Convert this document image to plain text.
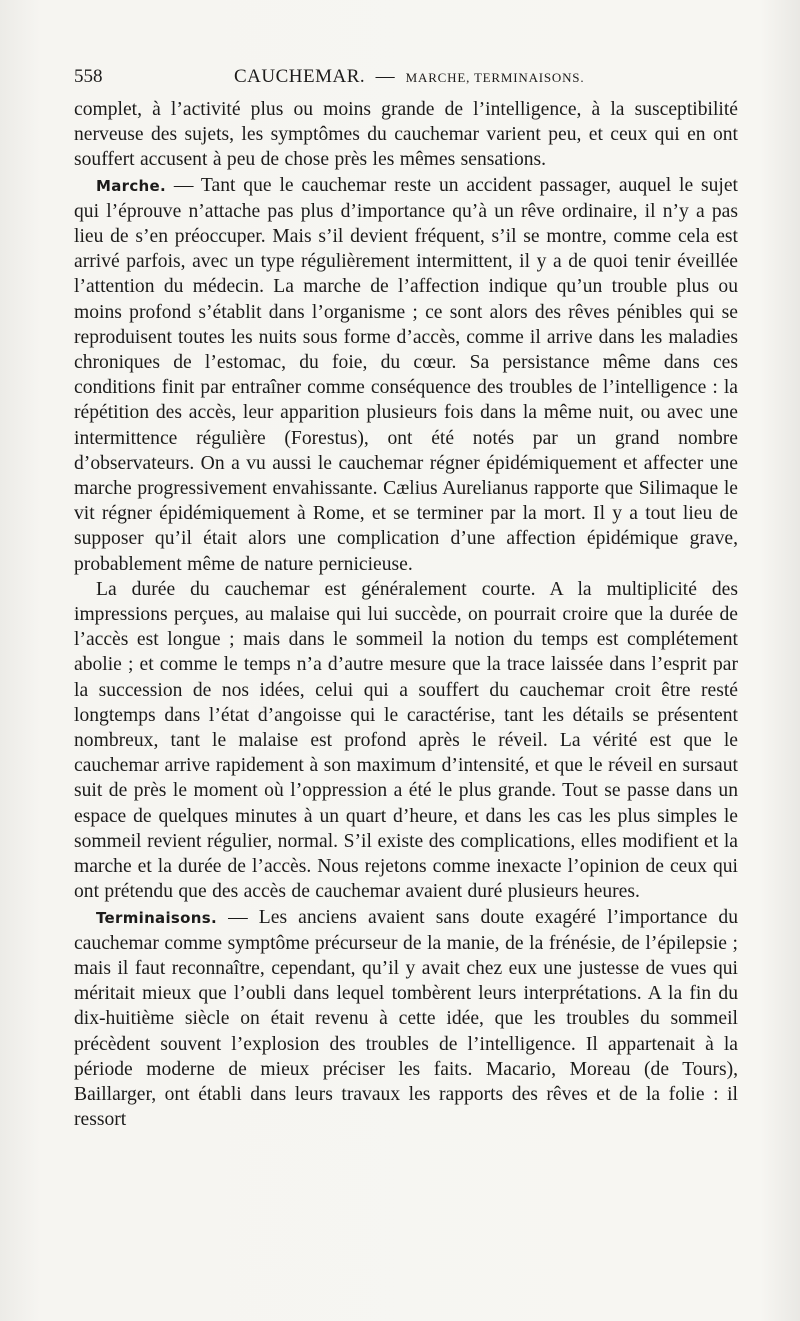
558	CAUCHEMAR. — MARCHE, TERMINAISONS.

complet, à l’activité plus ou moins grande de l’intelligence, à la susceptibilité nerveuse des sujets, les symptômes du cauchemar varient peu, et ceux qui en ont souffert accusent à peu de chose près les mêmes sensations.

Marche. — Tant que le cauchemar reste un accident passager, auquel le sujet qui l’éprouve n’attache pas plus d’importance qu’à un rêve ordinaire, il n’y a pas lieu de s’en préoccuper. Mais s’il devient fréquent, s’il se montre, comme cela est arrivé parfois, avec un type régulièrement intermittent, il y a de quoi tenir éveillée l’attention du médecin. La marche de l’affection indique qu’un trouble plus ou moins profond s’établit dans l’organisme ; ce sont alors des rêves pénibles qui se reproduisent toutes les nuits sous forme d’accès, comme il arrive dans les maladies chroniques de l’estomac, du foie, du cœur. Sa persistance même dans ces conditions finit par entraîner comme conséquence des troubles de l’intelligence : la répétition des accès, leur apparition plusieurs fois dans la même nuit, ou avec une intermittence régulière (Forestus), ont été notés par un grand nombre d’observateurs. On a vu aussi le cauchemar régner épidémiquement et affecter une marche progressivement envahissante. Cælius Aurelianus rapporte que Silimaque le vit régner épidémiquement à Rome, et se terminer par la mort. Il y a tout lieu de supposer qu’il était alors une complication d’une affection épidémique grave, probablement même de nature pernicieuse.

La durée du cauchemar est généralement courte. A la multiplicité des impressions perçues, au malaise qui lui succède, on pourrait croire que la durée de l’accès est longue ; mais dans le sommeil la notion du temps est complétement abolie ; et comme le temps n’a d’autre mesure que la trace laissée dans l’esprit par la succession de nos idées, celui qui a souffert du cauchemar croit être resté longtemps dans l’état d’angoisse qui le caractérise, tant les détails se présentent nombreux, tant le malaise est profond après le réveil. La vérité est que le cauchemar arrive rapidement à son maximum d’intensité, et que le réveil en sursaut suit de près le moment où l’oppression a été le plus grande. Tout se passe dans un espace de quelques minutes à un quart d’heure, et dans les cas les plus simples le sommeil revient régulier, normal. S’il existe des complications, elles modifient et la marche et la durée de l’accès. Nous rejetons comme inexacte l’opinion de ceux qui ont prétendu que des accès de cauchemar avaient duré plusieurs heures.

Terminaisons. — Les anciens avaient sans doute exagéré l’importance du cauchemar comme symptôme précurseur de la manie, de la frénésie, de l’épilepsie ; mais il faut reconnaître, cependant, qu’il y avait chez eux une justesse de vues qui méritait mieux que l’oubli dans lequel tombèrent leurs interprétations. A la fin du dix-huitième siècle on était revenu à cette idée, que les troubles du sommeil précèdent souvent l’explosion des troubles de l’intelligence. Il appartenait à la période moderne de mieux préciser les faits. Macario, Moreau (de Tours), Baillarger, ont établi dans leurs travaux les rapports des rêves et de la folie : il ressort
